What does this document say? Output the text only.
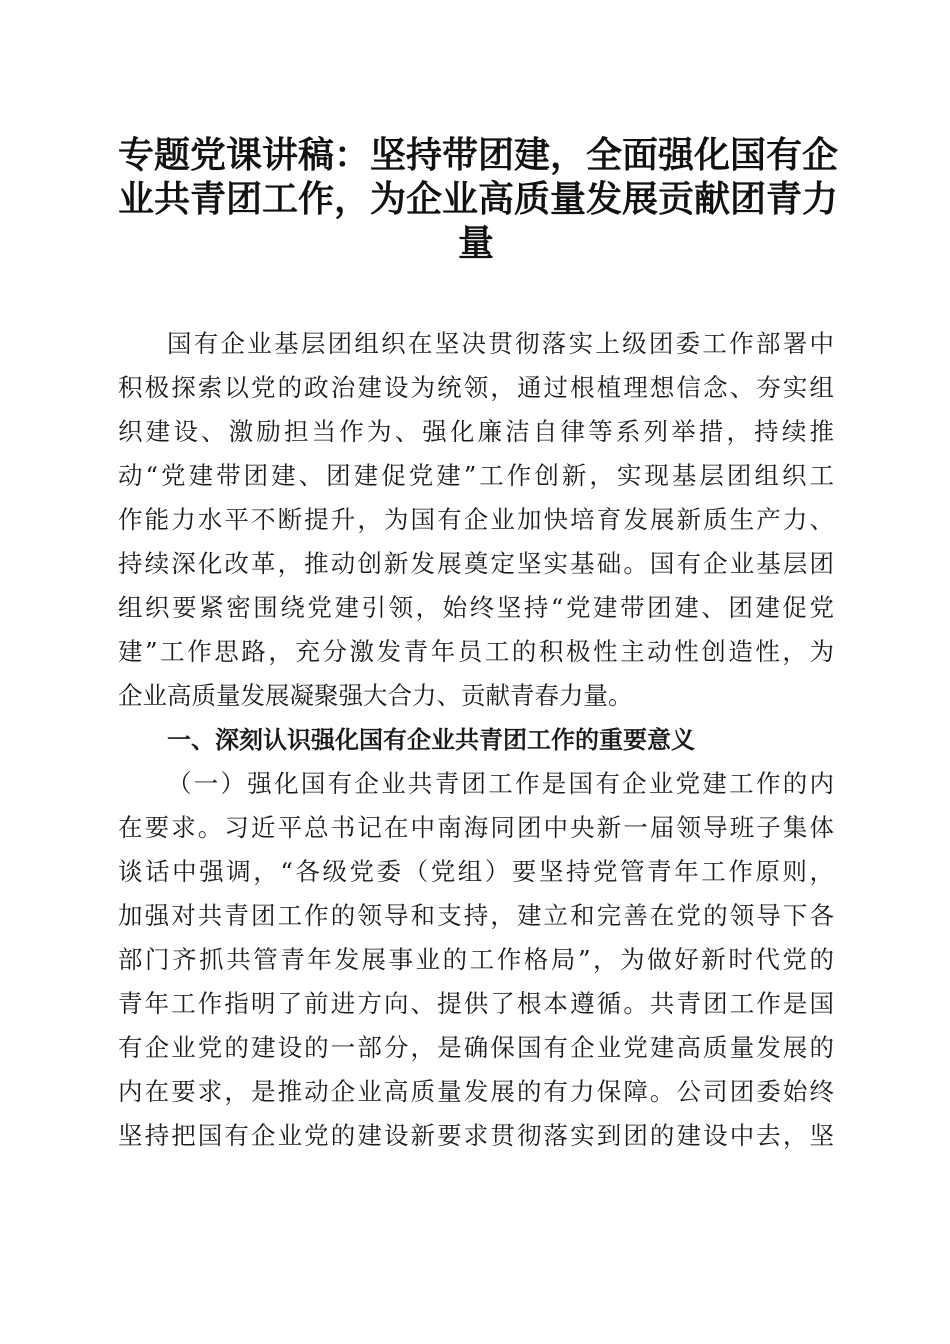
专题党课讲稿：坚持带团建，全面强化国有企
业共青团工作，为企业高质量发展贡献团青力
量
国有企业基层团组织在坚决贯彻落实上级团委工作部署中
积极探索以党的政治建设为统领，通过根植理想信念、夯实组
织建设、激励担当作为、强化廉洁自律等系列举措，持续推
动“党建带团建、团建促党建”工作创新，实现基层团组织工
作能力水平不断提升，为国有企业加快培育发展新质生产力、
持续深化改革，推动创新发展奠定坚实基础。国有企业基层团
组织要紧密围绕党建引领，始终坚持“党建带团建、团建促党
建”工作思路，充分激发青年员工的积极性主动性创造性，为
企业高质量发展凝聚强大合力、贡献青春力量。
一、深刻认识强化国有企业共青团工作的重要意义
（一）强化国有企业共青团工作是国有企业党建工作的内
在要求。习近平总书记在中南海同团中央新一届领导班子集体
谈话中强调，“各级党委（党组）要坚持党管青年工作原则，
加强对共青团工作的领导和支持，建立和完善在党的领导下各
部门齐抓共管青年发展事业的工作格局”，为做好新时代党的
青年工作指明了前进方向、提供了根本遵循。共青团工作是国
有企业党的建设的一部分，是确保国有企业党建高质量发展的
内在要求，是推动企业高质量发展的有力保障。公司团委始终
坚持把国有企业党的建设新要求贯彻落实到团的建设中去，坚
